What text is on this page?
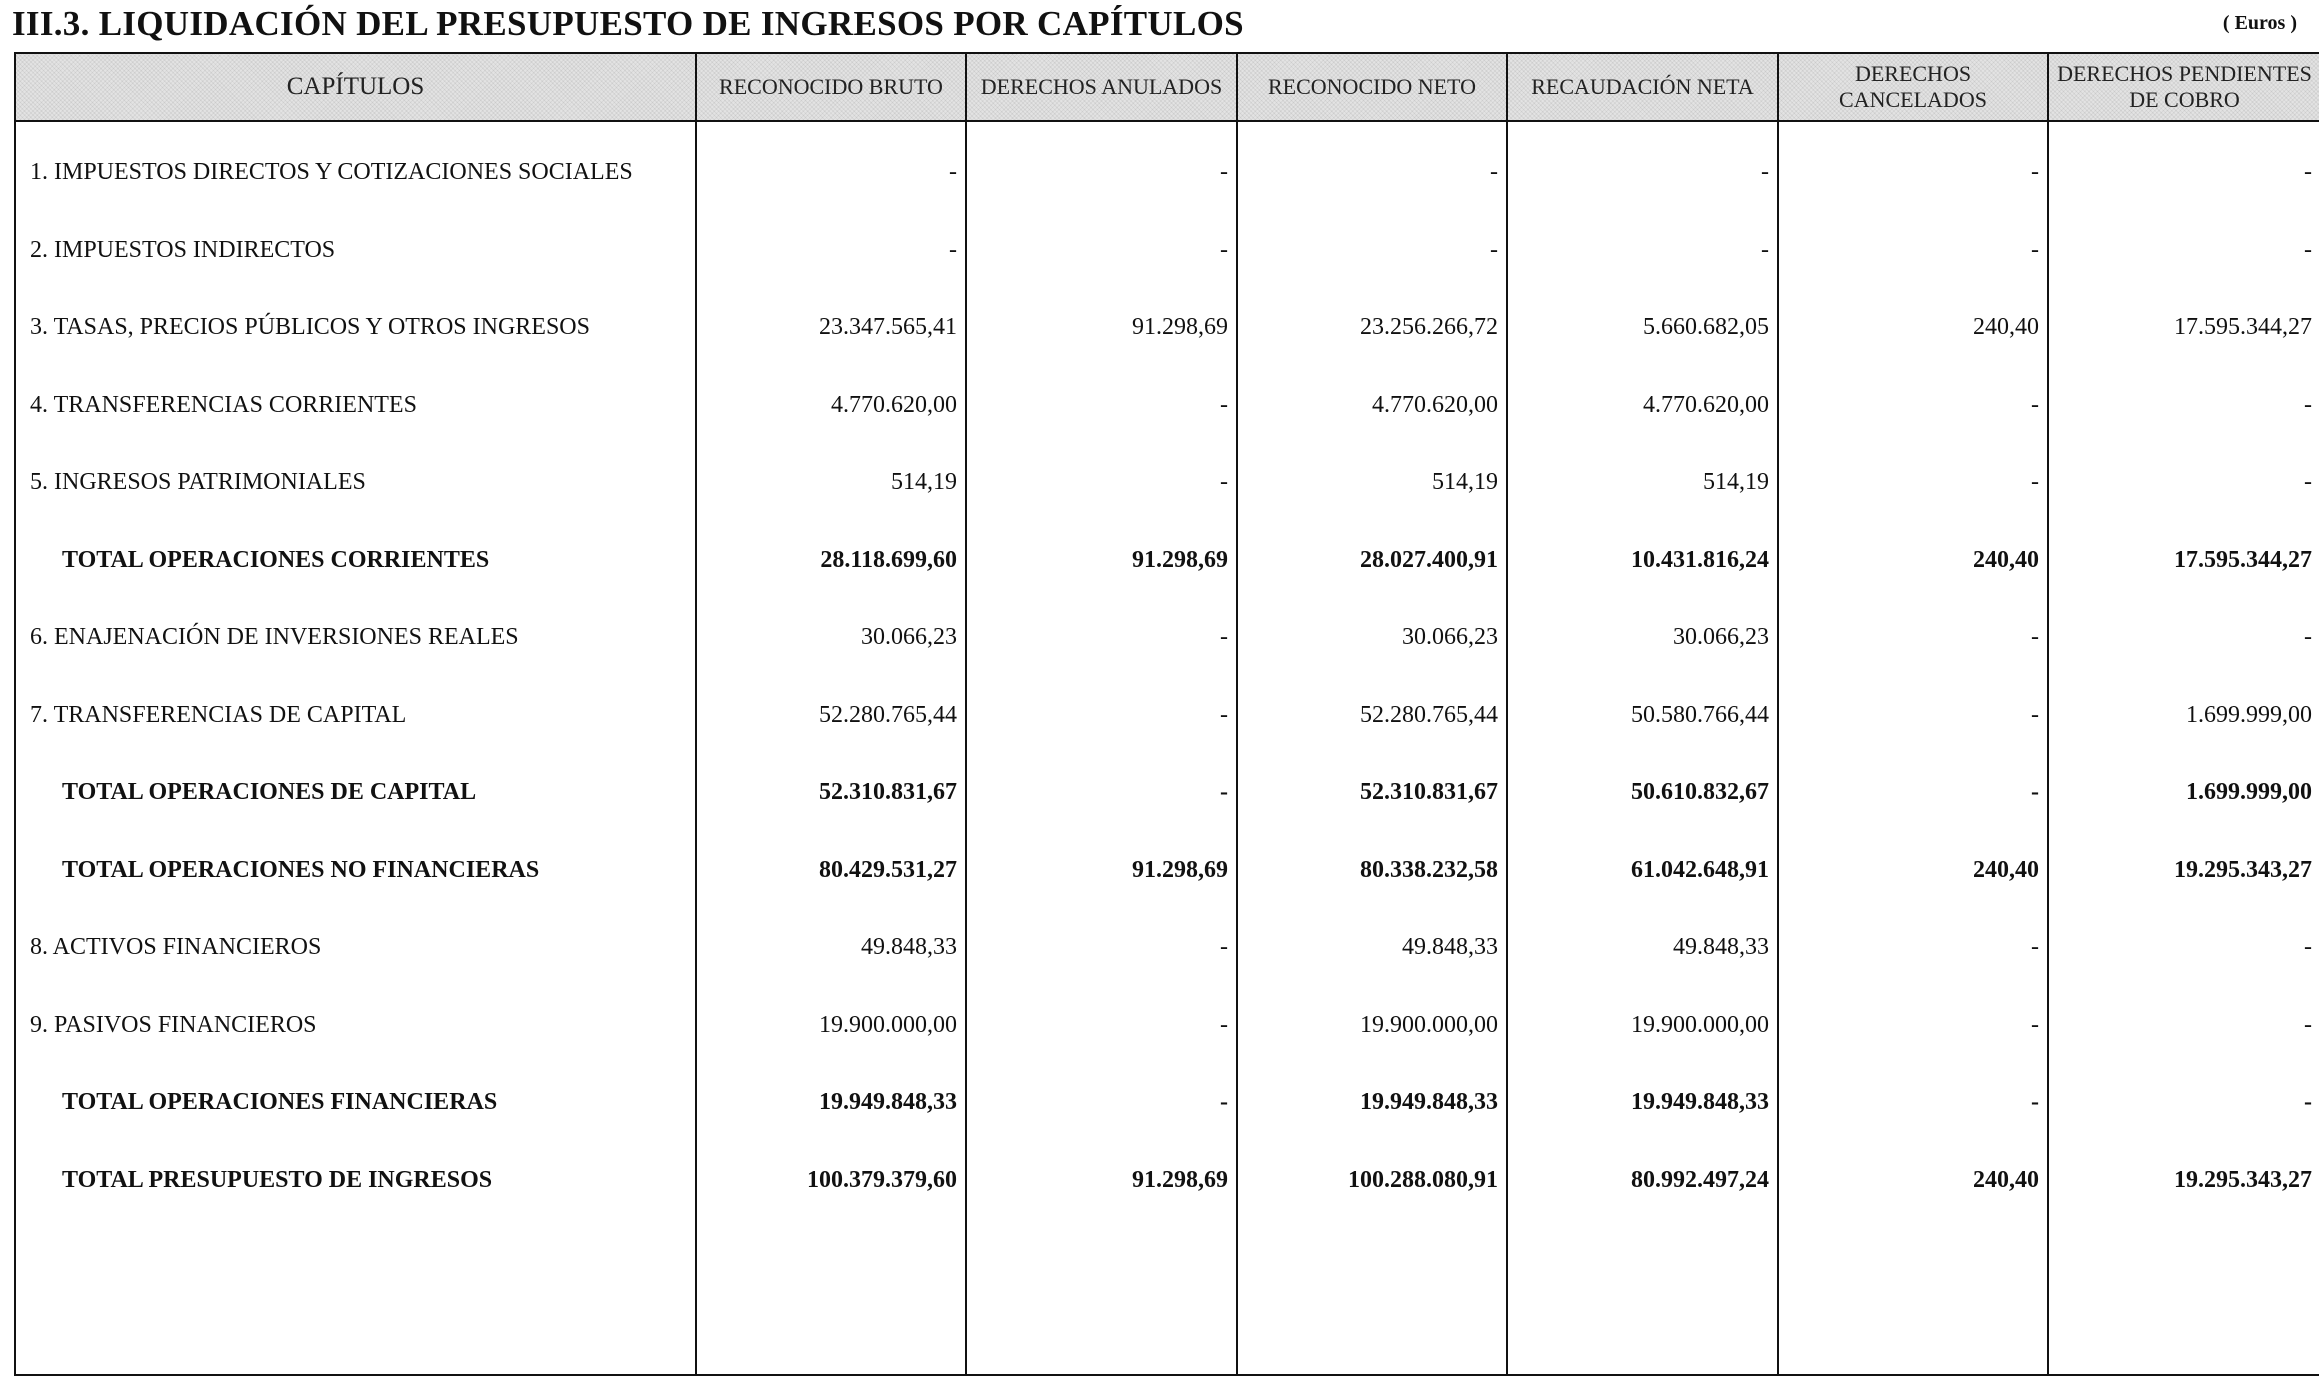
III.3. LIQUIDACIÓN DEL PRESUPUESTO DE INGRESOS POR CAPÍTULOS	( Euros )
CAPÍTULOS	RECONOCIDO BRUTO	DERECHOS ANULADOS	RECONOCIDO NETO	RECAUDACIÓN NETA	DERECHOS CANCELADOS	DERECHOS PENDIENTES DE COBRO
1. IMPUESTOS DIRECTOS Y COTIZACIONES SOCIALES	-	-	-	-	-	-
2. IMPUESTOS INDIRECTOS	-	-	-	-	-	-
3. TASAS, PRECIOS PÚBLICOS Y OTROS INGRESOS	23.347.565,41	91.298,69	23.256.266,72	5.660.682,05	240,40	17.595.344,27
4. TRANSFERENCIAS CORRIENTES	4.770.620,00	-	4.770.620,00	4.770.620,00	-	-
5. INGRESOS PATRIMONIALES	514,19	-	514,19	514,19	-	-
TOTAL OPERACIONES CORRIENTES	28.118.699,60	91.298,69	28.027.400,91	10.431.816,24	240,40	17.595.344,27
6. ENAJENACIÓN DE INVERSIONES REALES	30.066,23	-	30.066,23	30.066,23	-	-
7. TRANSFERENCIAS DE CAPITAL	52.280.765,44	-	52.280.765,44	50.580.766,44	-	1.699.999,00
TOTAL OPERACIONES DE CAPITAL	52.310.831,67	-	52.310.831,67	50.610.832,67	-	1.699.999,00
TOTAL OPERACIONES NO FINANCIERAS	80.429.531,27	91.298,69	80.338.232,58	61.042.648,91	240,40	19.295.343,27
8. ACTIVOS FINANCIEROS	49.848,33	-	49.848,33	49.848,33	-	-
9. PASIVOS FINANCIEROS	19.900.000,00	-	19.900.000,00	19.900.000,00	-	-
TOTAL OPERACIONES FINANCIERAS	19.949.848,33	-	19.949.848,33	19.949.848,33	-	-
TOTAL PRESUPUESTO DE INGRESOS	100.379.379,60	91.298,69	100.288.080,91	80.992.497,24	240,40	19.295.343,27
